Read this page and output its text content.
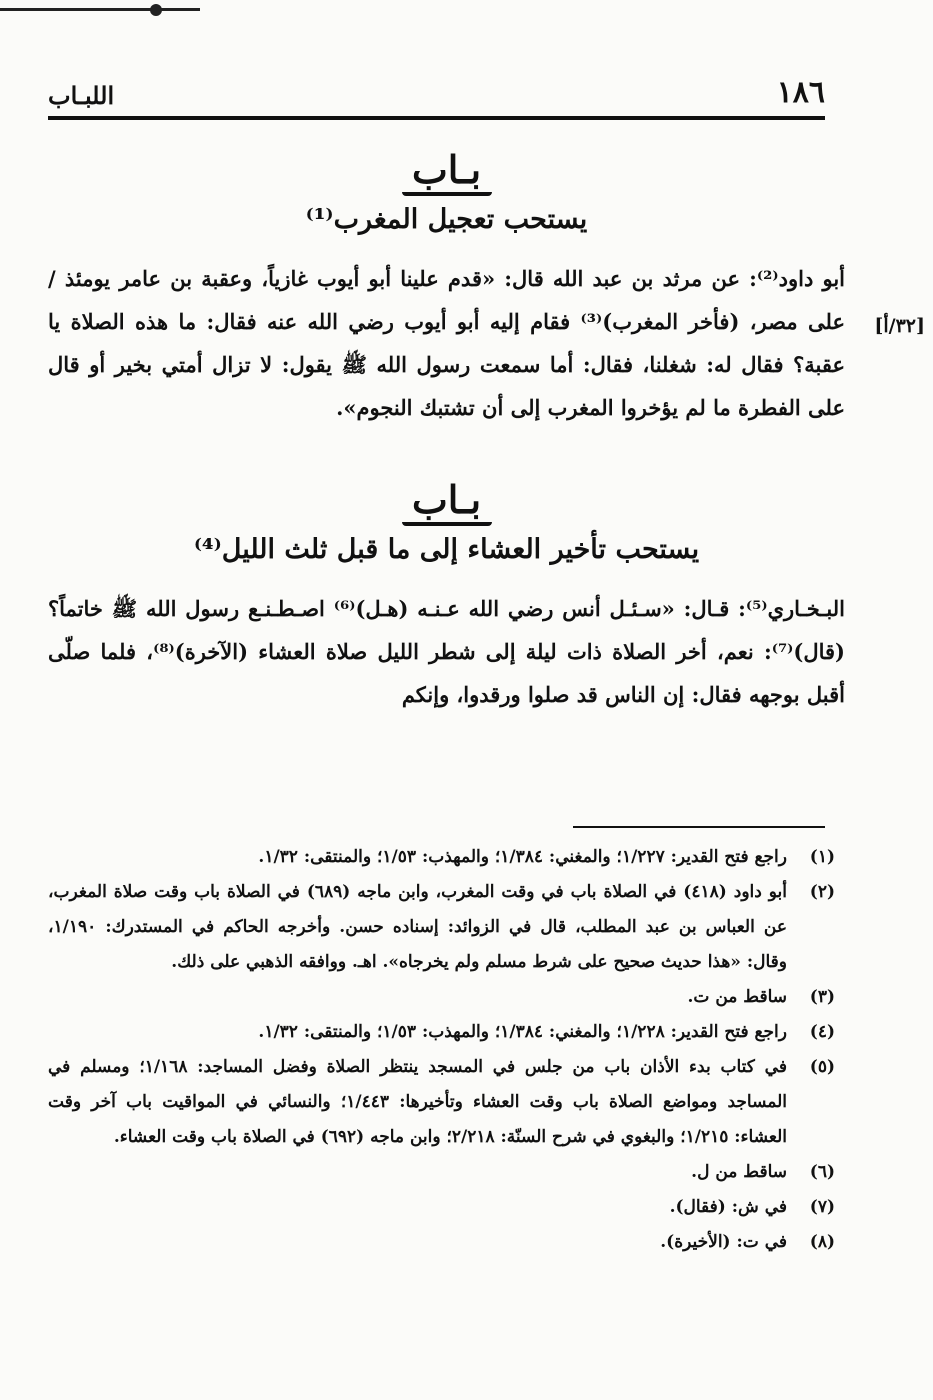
اللبـاب	١٨٦
بـاب
يستحب تعجيل المغرب⁽¹⁾

أبو داود⁽²⁾: عن مرثد بن عبد الله قال: «قدم علينا أبو أيوب غازياً، وعقبة بن عامر يومئذ / على مصر، (فأخر المغرب)⁽³⁾ فقام إليه أبو أيوب رضي الله عنه فقال: ما هذه الصلاة يا عقبة؟ فقال له: شغلنا، فقال: أما سمعت رسول الله ﷺ يقول: لا تزال أمتي بخير أو قال على الفطرة ما لم يؤخروا المغرب إلى أن تشتبك النجوم».

[٣٢/أ]
بـاب
يستحب تأخير العشاء إلى ما قبل ثلث الليل⁽⁴⁾

البـخـاري⁽⁵⁾: قـال: «سـئـل أنس رضي الله عـنـه (هـل)⁽⁶⁾ اصـطـنـع رسول الله ﷺ خاتماً؟ (قال)⁽⁷⁾: نعم، أخر الصلاة ذات ليلة إلى شطر الليل صلاة العشاء (الآخرة)⁽⁸⁾، فلما صلّى أقبل بوجهه فقال: إن الناس قد صلوا ورقدوا، وإنكم

(١)
راجع فتح القدير: ١/٢٢٧؛ والمغني: ١/٣٨٤؛ والمهذب: ١/٥٣؛ والمنتقى: ١/٣٢.
(٢)
أبو داود (٤١٨) في الصلاة باب في وقت المغرب، وابن ماجه (٦٨٩) في الصلاة باب وقت صلاة المغرب، عن العباس بن عبد المطلب، قال في الزوائد: إسناده حسن. وأخرجه الحاكم في المستدرك: ١/١٩٠، وقال: «هذا حديث صحيح على شرط مسلم ولم يخرجاه». اهـ. ووافقه الذهبي على ذلك.
(٣)
ساقط من ت.
(٤)
راجع فتح القدير: ١/٢٢٨؛ والمغني: ١/٣٨٤؛ والمهذب: ١/٥٣؛ والمنتقى: ١/٣٢.
(٥)
في كتاب بدء الأذان باب من جلس في المسجد ينتظر الصلاة وفضل المساجد: ١/١٦٨؛ ومسلم في المساجد ومواضع الصلاة باب وقت العشاء وتأخيرها: ١/٤٤٣؛ والنسائي في المواقيت باب آخر وقت العشاء: ١/٢١٥؛ والبغوي في شرح السنّة: ٢/٢١٨؛ وابن ماجه (٦٩٢) في الصلاة باب وقت العشاء.
(٦)
ساقط من ل.
(٧)
في ش: (فقال).
(٨)
في ت: (الأخيرة).
